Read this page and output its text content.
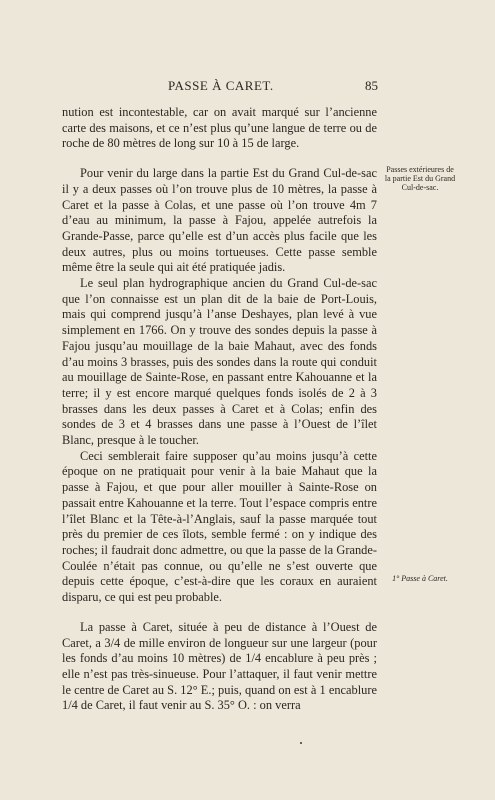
PASSE À CARET.	85

nution est incontestable, car on avait marqué sur l’ancienne carte des maisons, et ce n’est plus qu’une langue de terre ou de roche de 80 mètres de long sur 10 à 15 de large.

Pour venir du large dans la partie Est du Grand Cul-de-sac il y a deux passes où l’on trouve plus de 10 mètres, la passe à Caret et la passe à Colas, et une passe où l’on trouve 4m 7 d’eau au minimum, la passe à Fajou, appelée autrefois la Grande-Passe, parce qu’elle est d’un accès plus facile que les deux autres, plus ou moins tortueuses. Cette passe semble même être la seule qui ait été pratiquée jadis.

Le seul plan hydrographique ancien du Grand Cul-de-sac que l’on connaisse est un plan dit de la baie de Port-Louis, mais qui comprend jusqu’à l’anse Deshayes, plan levé à vue simplement en 1766. On y trouve des sondes depuis la passe à Fajou jusqu’au mouillage de la baie Mahaut, avec des fonds d’au moins 3 brasses, puis des sondes dans la route qui conduit au mouillage de Sainte-Rose, en passant entre Kahouanne et la terre; il y est encore marqué quelques fonds isolés de 2 à 3 brasses dans les deux passes à Caret et à Colas; enfin des sondes de 3 et 4 brasses dans une passe à l’Ouest de l’îlet Blanc, presque à le toucher.

Ceci semblerait faire supposer qu’au moins jusqu’à cette époque on ne pratiquait pour venir à la baie Mahaut que la passe à Fajou, et que pour aller mouiller à Sainte-Rose on passait entre Kahouanne et la terre. Tout l’espace compris entre l’îlet Blanc et la Tête-à-l’Anglais, sauf la passe marquée tout près du premier de ces îlots, semble fermé : on y indique des roches; il faudrait donc admettre, ou que la passe de la Grande-Coulée n’était pas connue, ou qu’elle ne s’est ouverte que depuis cette époque, c’est-à-dire que les coraux en auraient disparu, ce qui est peu probable.

La passe à Caret, située à peu de distance à l’Ouest de Caret, a 3/4 de mille environ de longueur sur une largeur (pour les fonds d’au moins 10 mètres) de 1/4 encablure à peu près ; elle n’est pas très-sinueuse. Pour l’attaquer, il faut venir mettre le centre de Caret au S. 12° E.; puis, quand on est à 1 encablure 1/4 de Caret, il faut venir au S. 35° O. : on verra

Passes extérieures de la partie Est du Grand Cul-de-sac.
1° Passe à Caret.
